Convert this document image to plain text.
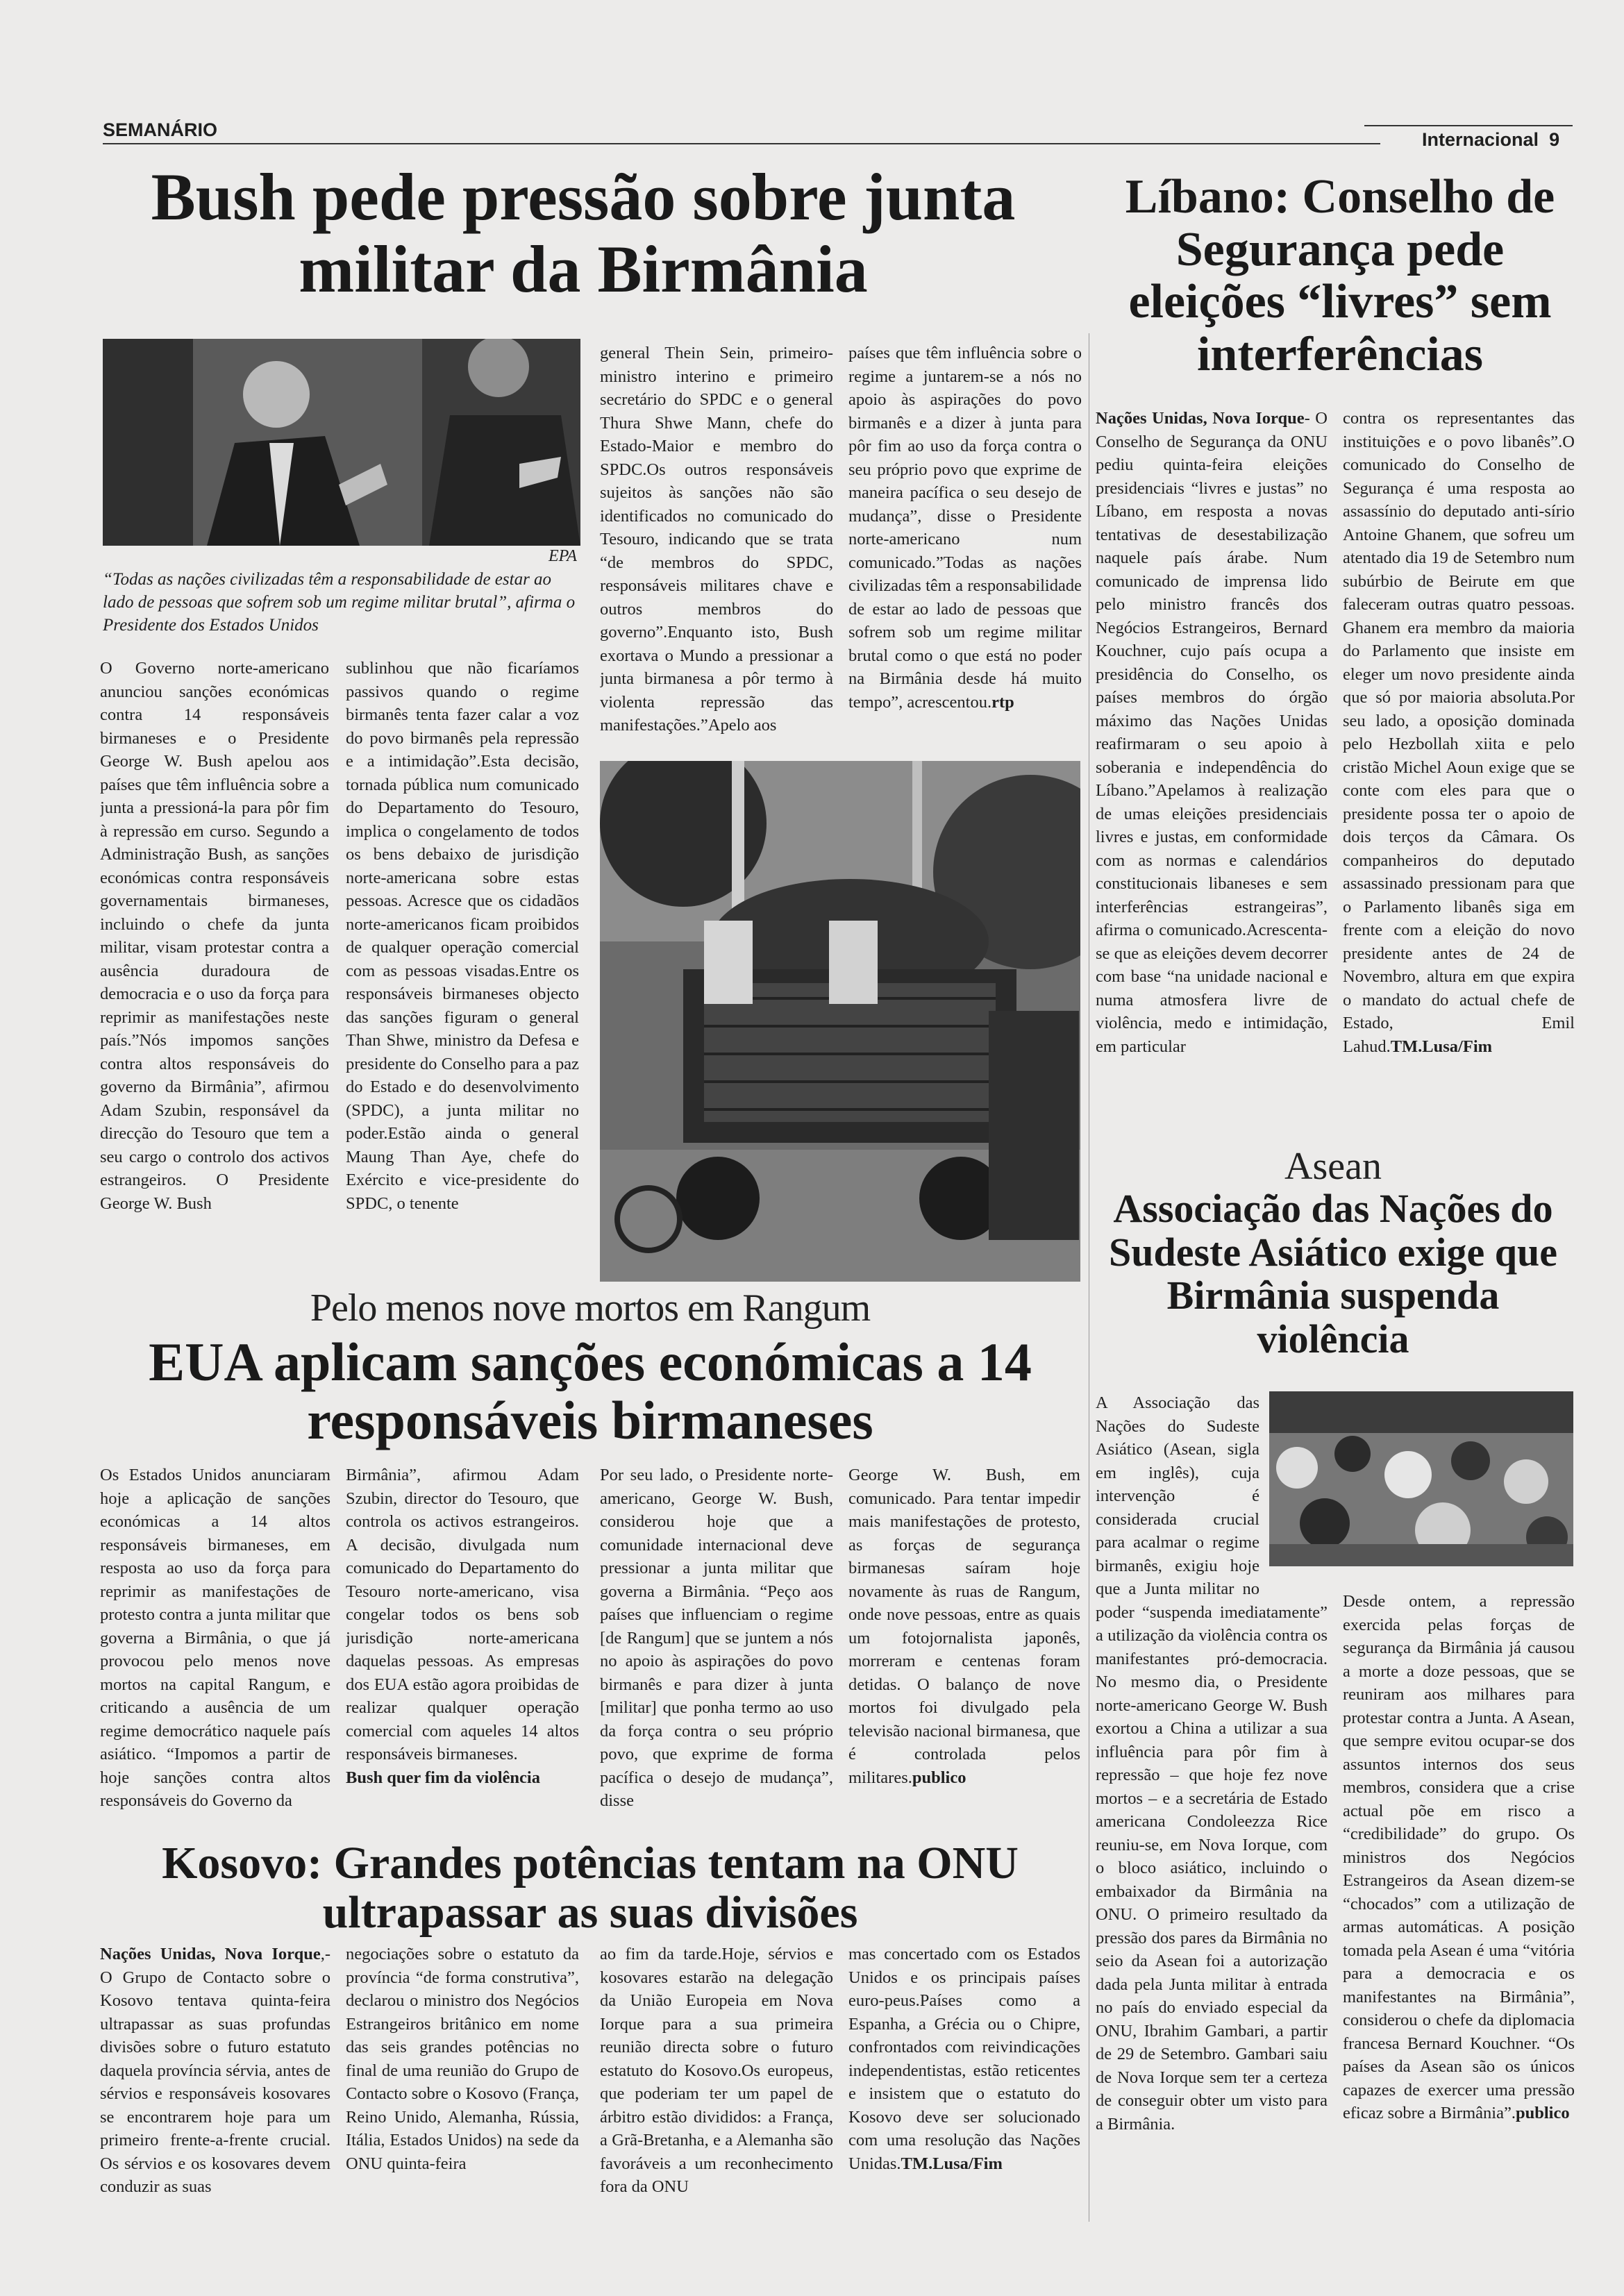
SEMANÁRIO	Internacional 9
Bush pede pressão sobre junta militar da Birmânia
EPA
“Todas as nações civilizadas têm a responsabilidade de estar ao lado de pessoas que sofrem sob um regime militar brutal”, afirma o Presidente dos Estados Unidos

O Governo norte-americano anunciou sanções económicas contra 14 responsáveis birmaneses e o Presidente George W. Bush apelou aos países que têm influência sobre a junta a pressioná-la para pôr fim à repressão em curso. Segundo a Administração Bush, as sanções económicas contra responsáveis governamentais birmaneses, incluindo o chefe da junta militar, visam protestar contra a ausência duradoura de democracia e o uso da força para reprimir as manifestações neste país.”Nós impomos sanções contra altos responsáveis do governo da Birmânia”, afirmou Adam Szubin, responsável da direcção do Tesouro que tem a seu cargo o controlo dos activos estrangeiros. O Presidente George W. Bush

sublinhou que não ficaríamos passivos quando o regime birmanês tenta fazer calar a voz do povo birmanês pela repressão e a intimidação”.Esta decisão, tornada pública num comunicado do Departamento do Tesouro, implica o congelamento de todos os bens debaixo de jurisdição norte-americana sobre estas pessoas. Acresce que os cidadãos norte-americanos ficam proibidos de qualquer operação comercial com as pessoas visadas.Entre os responsáveis birmaneses objecto das sanções figuram o general Than Shwe, ministro da Defesa e presidente do Conselho para a paz do Estado e do desenvolvimento (SPDC), a junta militar no poder.Estão ainda o general Maung Than Aye, chefe do Exército e vice-presidente do SPDC, o tenente

general Thein Sein, primeiro-ministro interino e primeiro secretário do SPDC e o general Thura Shwe Mann, chefe do Estado-Maior e membro do SPDC.Os outros responsáveis sujeitos às sanções não são identificados no comunicado do Tesouro, indicando que se trata “de membros do SPDC, responsáveis militares chave e outros membros do governo”.Enquanto isto, Bush exortava o Mundo a pressionar a junta birmanesa a pôr termo à violenta repressão das manifestações.”Apelo aos

países que têm influência sobre o regime a juntarem-se a nós no apoio às aspirações do povo birmanês e a dizer à junta para pôr fim ao uso da força contra o seu próprio povo que exprime de maneira pacífica o seu desejo de mudança”, disse o Presidente norte-americano num comunicado.”Todas as nações civilizadas têm a responsabilidade de estar ao lado de pessoas que sofrem sob um regime militar brutal como o que está no poder na Birmânia desde há muito tempo”, acrescentou.rtp

Líbano: Conselho de Segurança pede eleições “livres” sem interferências

Nações Unidas, Nova Iorque- O Conselho de Segurança da ONU pediu quinta-feira eleições presidenciais “livres e justas” no Líbano, em resposta a novas tentativas de desestabilização naquele país árabe. Num comunicado de imprensa lido pelo ministro francês dos Negócios Estrangeiros, Bernard Kouchner, cujo país ocupa a presidência do Conselho, os países membros do órgão máximo das Nações Unidas reafirmaram o seu apoio à soberania e independência do Líbano.”Apelamos à realização de umas eleições presidenciais livres e justas, em conformidade com as normas e calendários constitucionais libaneses e sem interferências estrangeiras”, afirma o comunicado.Acrescenta-se que as eleições devem decorrer com base “na unidade nacional e numa atmosfera livre de violência, medo e intimidação, em particular

contra os representantes das instituições e o povo libanês”.O comunicado do Conselho de Segurança é uma resposta ao assassínio do deputado anti-sírio Antoine Ghanem, que sofreu um atentado dia 19 de Setembro num subúrbio de Beirute em que faleceram outras quatro pessoas. Ghanem era membro da maioria do Parlamento que insiste em eleger um novo presidente ainda que só por maioria absoluta.Por seu lado, a oposição dominada pelo Hezbollah xiita e pelo cristão Michel Aoun exige que se conte com eles para que o presidente possa ter o apoio de dois terços da Câmara. Os companheiros do deputado assassinado pressionam para que o Parlamento libanês siga em frente com a eleição do novo presidente antes de 24 de Novembro, altura em que expira o mandato do actual chefe de Estado, Emil Lahud.TM.Lusa/Fim

Pelo menos nove mortos em Rangum
EUA aplicam sanções económicas a 14 responsáveis birmaneses

Os Estados Unidos anunciaram hoje a aplicação de sanções económicas a 14 altos responsáveis birmaneses, em resposta ao uso da força para reprimir as manifestações de protesto contra a junta militar que governa a Birmânia, o que já provocou pelo menos nove mortos na capital Rangum, e criticando a ausência de um regime democrático naquele país asiático. “Impomos a partir de hoje sanções contra altos responsáveis do Governo da

Birmânia”, afirmou Adam Szubin, director do Tesouro, que controla os activos estrangeiros. A decisão, divulgada num comunicado do Departamento do Tesouro norte-americano, visa congelar todos os bens sob jurisdição norte-americana daquelas pessoas. As empresas dos EUA estão agora proibidas de realizar qualquer operação comercial com aqueles 14 altos responsáveis birmaneses.

Bush quer fim da violência

Por seu lado, o Presidente norte-americano, George W. Bush, considerou hoje que a comunidade internacional deve pressionar a junta militar que governa a Birmânia. “Peço aos países que influenciam o regime [de Rangum] que se juntem a nós no apoio às aspirações do povo birmanês e para dizer à junta [militar] que ponha termo ao uso da força contra o seu próprio povo, que exprime de forma pacífica o desejo de mudança”, disse

George W. Bush, em comunicado. Para tentar impedir mais manifestações de protesto, as forças de segurança birmanesas saíram hoje novamente às ruas de Rangum, onde nove pessoas, entre as quais um fotojornalista japonês, morreram e centenas foram detidas. O balanço de nove mortos foi divulgado pela televisão nacional birmanesa, que é controlada pelos militares.publico

Asean
Associação das Nações do Sudeste Asiático exige que Birmânia suspenda violência

A Associação das Nações do Sudeste Asiático (Asean, sigla em inglês), cuja intervenção é considerada crucial para acalmar o regime birmanês, exigiu hoje que a Junta militar no poder “suspenda imediatamente” a utilização da violência contra os manifestantes pró-democracia. No mesmo dia, o Presidente norte-americano George W. Bush exortou a China a utilizar a sua influência para pôr fim à repressão – que hoje fez nove mortos – e a secretária de Estado americana Condoleezza Rice reuniu-se, em Nova Iorque, com o bloco asiático, incluindo o embaixador da Birmânia na ONU. O primeiro resultado da pressão dos pares da Birmânia no seio da Asean foi a autorização dada pela Junta militar à entrada no país do enviado especial da ONU, Ibrahim Gambari, a partir de 29 de Setembro. Gambari saiu de Nova Iorque sem ter a certeza de conseguir obter um visto para a Birmânia.

Desde ontem, a repressão exercida pelas forças de segurança da Birmânia já causou a morte a doze pessoas, que se reuniram aos milhares para protestar contra a Junta. A Asean, que sempre evitou ocupar-se dos assuntos internos dos seus membros, considera que a crise actual põe em risco a “credibilidade” do grupo. Os ministros dos Negócios Estrangeiros da Asean dizem-se “chocados” com a utilização de armas automáticas. A posição tomada pela Asean é uma “vitória para a democracia e os manifestantes na Birmânia”, considerou o chefe da diplomacia francesa Bernard Kouchner. “Os países da Asean são os únicos capazes de exercer uma pressão eficaz sobre a Birmânia”.publico

Kosovo: Grandes potências tentam na ONU ultrapassar as suas divisões

Nações Unidas, Nova Iorque,- O Grupo de Contacto sobre o Kosovo tentava quinta-feira ultrapassar as suas profundas divisões sobre o futuro estatuto daquela província sérvia, antes de sérvios e responsáveis kosovares se encontrarem hoje para um primeiro frente-a-frente crucial. Os sérvios e os kosovares devem conduzir as suas

negociações sobre o estatuto da província “de forma construtiva”, declarou o ministro dos Negócios Estrangeiros britânico em nome das seis grandes potências no final de uma reunião do Grupo de Contacto sobre o Kosovo (França, Reino Unido, Alemanha, Rússia, Itália, Estados Unidos) na sede da ONU quinta-feira

ao fim da tarde.Hoje, sérvios e kosovares estarão na delegação da União Europeia em Nova Iorque para a sua primeira reunião directa sobre o futuro estatuto do Kosovo.Os europeus, que poderiam ter um papel de árbitro estão divididos: a França, a Grã-Bretanha, e a Alemanha são favoráveis a um reconhecimento fora da ONU

mas concertado com os Estados Unidos e os principais países euro-peus.Países como a Espanha, a Grécia ou o Chipre, confrontados com reivindicações independentistas, estão reticentes e insistem que o estatuto do Kosovo deve ser solucionado com uma resolução das Nações Unidas.TM.Lusa/Fim
